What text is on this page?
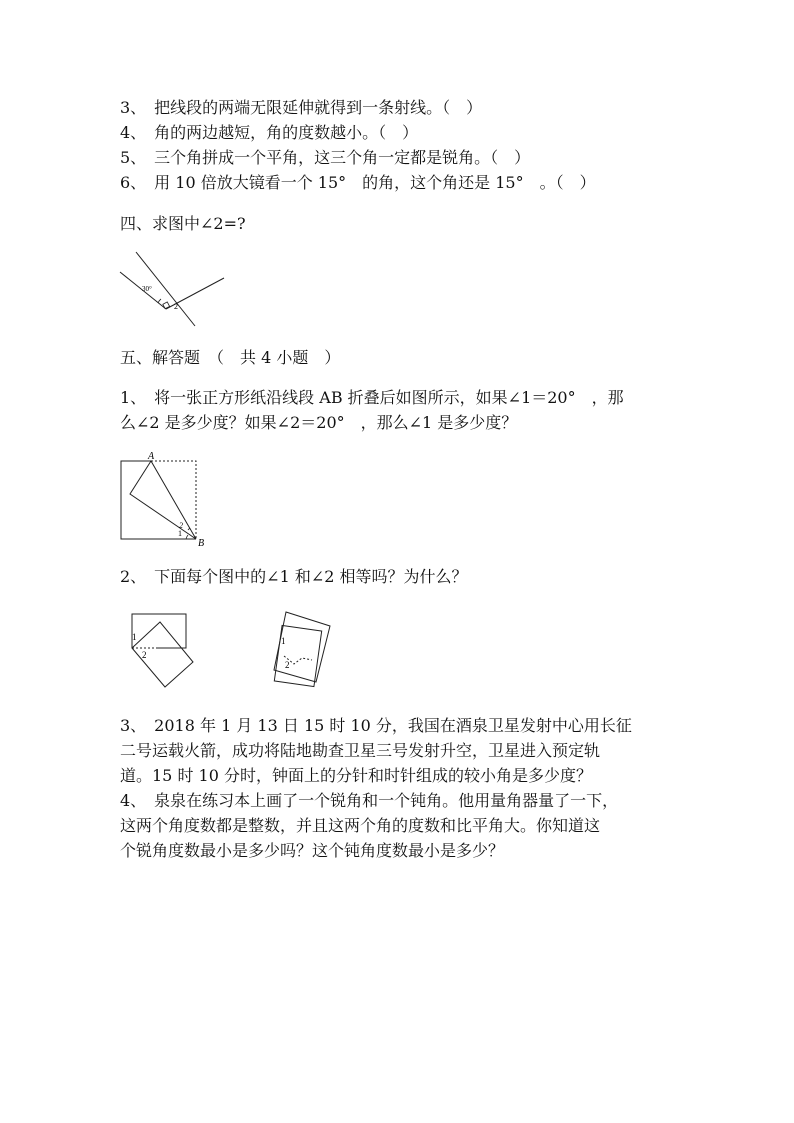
3、　把线段的两端无限延伸就得到一条射线。（　）
4、　角的两边越短，角的度数越小。（　）
5、　三个角拼成一个平角，这三个角一定都是锐角。（　）
6、　用 10 倍放大镜看一个 15°　的角，这个角还是 15°　。（　）
四、求图中∠2=?
30°
2
五、解答题　（　共 4 小题　）
1、　将一张正方形纸沿线段 AB 折叠后如图所示，如果∠1＝20°　，那
么∠2 是多少度？如果∠2＝20°　，那么∠1 是多少度？
A
B
1
2
2、　下面每个图中的∠1 和∠2 相等吗？为什么？
1
2
1
2
3、　2018 年 1 月 13 日 15 时 10 分，我国在酒泉卫星发射中心用长征
二号运载火箭，成功将陆地勘查卫星三号发射升空，卫星进入预定轨
道。15 时 10 分时，钟面上的分针和时针组成的较小角是多少度？
4、　泉泉在练习本上画了一个锐角和一个钝角。他用量角器量了一下，
这两个角度数都是整数，并且这两个角的度数和比平角大。你知道这
个锐角度数最小是多少吗？这个钝角度数最小是多少？
